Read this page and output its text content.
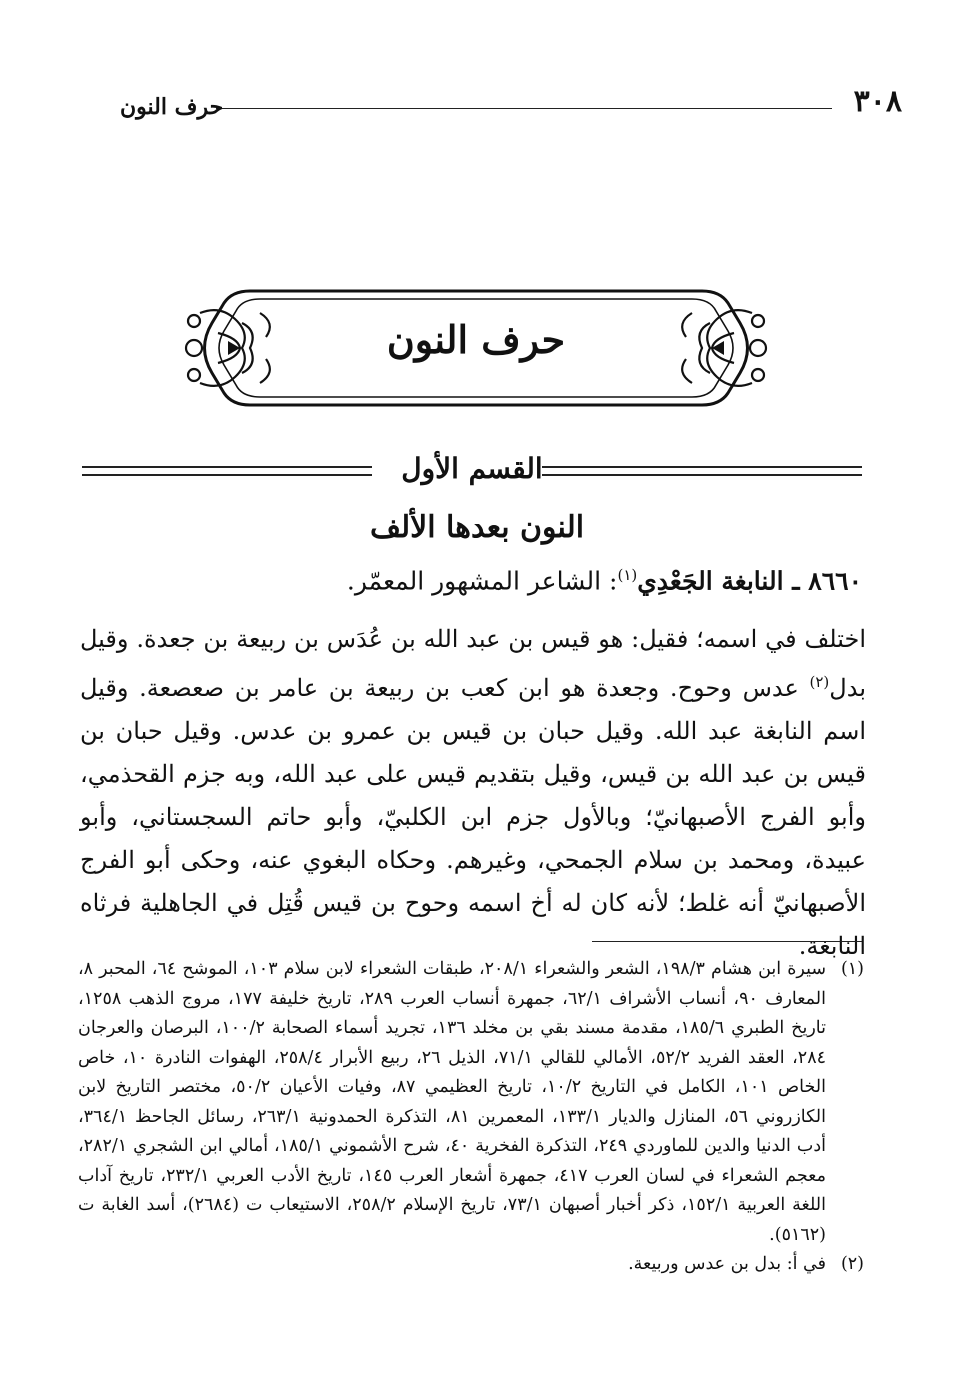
٣٠٨
حرف النون
حرف النون
القسم الأول
النون بعدها الألف
٨٦٦٠ ـ النابغة الجَعْدِي$^{(١)}$: الشاعر المشهور المعمّر.
اختلف في اسمه؛ فقيل: هو قيس بن عبد الله بن عُدَس بن ربيعة بن جعدة. وقيل بدل$^{(٢)}$ عدس وحوح. وجعدة هو ابن كعب بن ربيعة بن عامر بن صعصعة. وقيل اسم النابغة عبد الله. وقيل حبان بن قيس بن عمرو بن عدس. وقيل حبان بن قيس بن عبد الله بن قيس، وقيل بتقديم قيس على عبد الله، وبه جزم القحذمي، وأبو الفرج الأصبهانيّ؛ وبالأول جزم ابن الكلبيّ، وأبو حاتم السجستاني، وأبو عبيدة، ومحمد بن سلام الجمحي، وغيرهم. وحكاه البغوي عنه، وحكى أبو الفرج الأصبهانيّ أنه غلط؛ لأنه كان له أخ اسمه وحوح بن قيس قُتِل في الجاهلية فرثاه النابغة.

(١)
سيرة ابن هشام ١٩٨/٣، الشعر والشعراء ٢٠٨/١، طبقات الشعراء لابن سلام ١٠٣، الموشح ٦٤، المحبر ٨، المعارف ٩٠، أنساب الأشراف ٦٢/١، جمهرة أنساب العرب ٢٨٩، تاريخ خليفة ١٧٧، مروج الذهب ١٢٥٨، تاريخ الطبري ١٨٥/٦، مقدمة مسند بقي بن مخلد ١٣٦، تجريد أسماء الصحابة ١٠٠/٢، البرصان والعرجان ٢٨٤، العقد الفريد ٥٢/٢، الأمالي للقالي ٧١/١، الذيل ٢٦، ربيع الأبرار ٢٥٨/٤، الهفوات النادرة ١٠، خاص الخاص ١٠١، الكامل في التاريخ ١٠/٢، تاريخ العظيمي ٨٧، وفيات الأعيان ٥٠/٢، مختصر التاريخ لابن الكازروني ٥٦، المنازل والديار ١٣٣/١، المعمرين ٨١، التذكرة الحمدونية ٢٦٣/١، رسائل الجاحظ ٣٦٤/١، أدب الدنيا والدين للماوردي ٢٤٩، التذكرة الفخرية ٤٠، شرح الأشموني ١٨٥/١، أمالي ابن الشجري ٢٨٢/١، معجم الشعراء في لسان العرب ٤١٧، جمهرة أشعار العرب ١٤٥، تاريخ الأدب العربي ٢٣٢/١، تاريخ آداب اللغة العربية ١٥٢/١، ذكر أخبار أصبهان ٧٣/١، تاريخ الإسلام ٢٥٨/٢، الاستيعاب ت (٢٦٨٤)، أسد الغابة ت (٥١٦٢).

(٢)
في أ: بدل بن عدس وربيعة.
